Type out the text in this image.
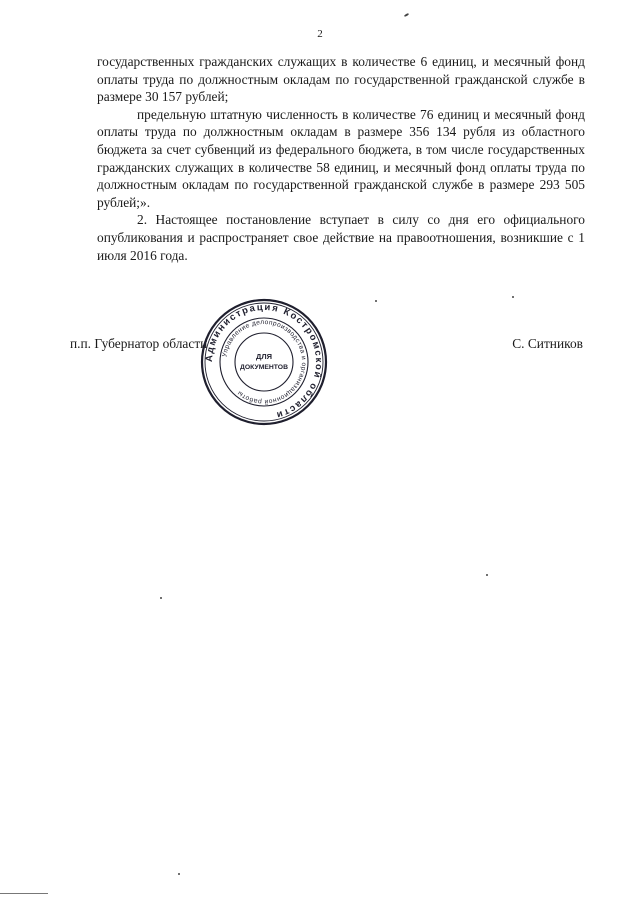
2

государственных гражданских служащих в количестве 6 единиц, и месячный фонд оплаты труда по должностным окладам по государственной гражданской службе в размере 30 157 рублей;

предельную штатную численность в количестве 76 единиц и месячный фонд оплаты труда по должностным окладам в размере 356 134 рубля из областного бюджета за счет субвенций из федерального бюджета, в том числе государственных гражданских служащих в количестве 58 единиц, и месячный фонд оплаты труда по должностным окладам по государственной гражданской службе в размере 293 505 рублей;».

2. Настоящее постановление вступает в силу со дня его официального опубликования и распространяет свое действие на правоотношения, возникшие с 1 июля 2016 года.

п.п. Губернатор области	С. Ситников
Администрация Костромской области
Управление делопроизводства и организационной работы
ДЛЯ
ДОКУМЕНТОВ
